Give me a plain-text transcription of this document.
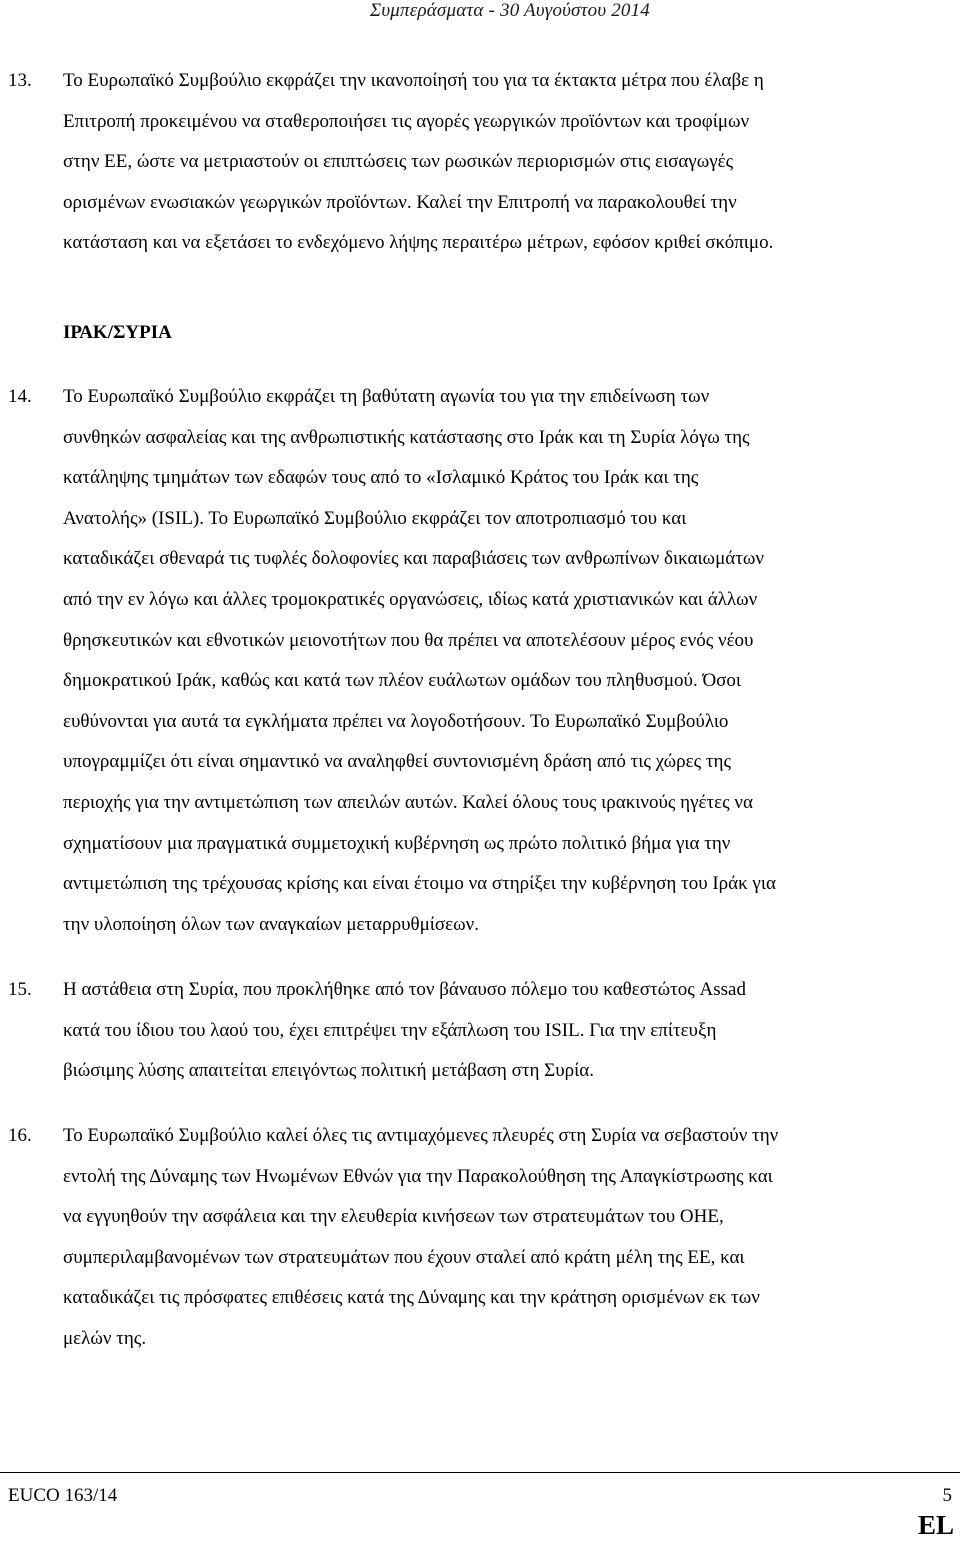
Συμπεράσματα - 30 Αυγούστου 2014
13. Το Ευρωπαϊκό Συμβούλιο εκφράζει την ικανοποίησή του για τα έκτακτα μέτρα που έλαβε η
Επιτροπή προκειμένου να σταθεροποιήσει τις αγορές γεωργικών προϊόντων και τροφίμων
στην ΕΕ, ώστε να μετριαστούν οι επιπτώσεις των ρωσικών περιορισμών στις εισαγωγές
ορισμένων ενωσιακών γεωργικών προϊόντων. Καλεί την Επιτροπή να παρακολουθεί την
κατάσταση και να εξετάσει το ενδεχόμενο λήψης περαιτέρω μέτρων, εφόσον κριθεί σκόπιμο.
ΙΡΑΚ/ΣΥΡΙΑ
14. Το Ευρωπαϊκό Συμβούλιο εκφράζει τη βαθύτατη αγωνία του για την επιδείνωση των
συνθηκών ασφαλείας και της ανθρωπιστικής κατάστασης στο Ιράκ και τη Συρία λόγω της
κατάληψης τμημάτων των εδαφών τους από το «Ισλαμικό Κράτος του Ιράκ και της
Ανατολής» (ISIL). Το Ευρωπαϊκό Συμβούλιο εκφράζει τον αποτροπιασμό του και
καταδικάζει σθεναρά τις τυφλές δολοφονίες και παραβιάσεις των ανθρωπίνων δικαιωμάτων
από την εν λόγω και άλλες τρομοκρατικές οργανώσεις, ιδίως κατά χριστιανικών και άλλων
θρησκευτικών και εθνοτικών μειονοτήτων που θα πρέπει να αποτελέσουν μέρος ενός νέου
δημοκρατικού Ιράκ, καθώς και κατά των πλέον ευάλωτων ομάδων του πληθυσμού. Όσοι
ευθύνονται για αυτά τα εγκλήματα πρέπει να λογοδοτήσουν. Το Ευρωπαϊκό Συμβούλιο
υπογραμμίζει ότι είναι σημαντικό να αναληφθεί συντονισμένη δράση από τις χώρες της
περιοχής για την αντιμετώπιση των απειλών αυτών. Καλεί όλους τους ιρακινούς ηγέτες να
σχηματίσουν μια πραγματικά συμμετοχική κυβέρνηση ως πρώτο πολιτικό βήμα για την
αντιμετώπιση της τρέχουσας κρίσης και είναι έτοιμο να στηρίξει την κυβέρνηση του Ιράκ για
την υλοποίηση όλων των αναγκαίων μεταρρυθμίσεων.
15. Η αστάθεια στη Συρία, που προκλήθηκε από τον βάναυσο πόλεμο του καθεστώτος Assad
κατά του ίδιου του λαού του, έχει επιτρέψει την εξάπλωση του ISIL. Για την επίτευξη
βιώσιμης λύσης απαιτείται επειγόντως πολιτική μετάβαση στη Συρία.
16. Το Ευρωπαϊκό Συμβούλιο καλεί όλες τις αντιμαχόμενες πλευρές στη Συρία να σεβαστούν την
εντολή της Δύναμης των Ηνωμένων Εθνών για την Παρακολούθηση της Απαγκίστρωσης και
να εγγυηθούν την ασφάλεια και την ελευθερία κινήσεων των στρατευμάτων του ΟΗΕ,
συμπεριλαμβανομένων των στρατευμάτων που έχουν σταλεί από κράτη μέλη της ΕΕ, και
καταδικάζει τις πρόσφατες επιθέσεις κατά της Δύναμης και την κράτηση ορισμένων εκ των
μελών της.
EUCO 163/14	5
EL
